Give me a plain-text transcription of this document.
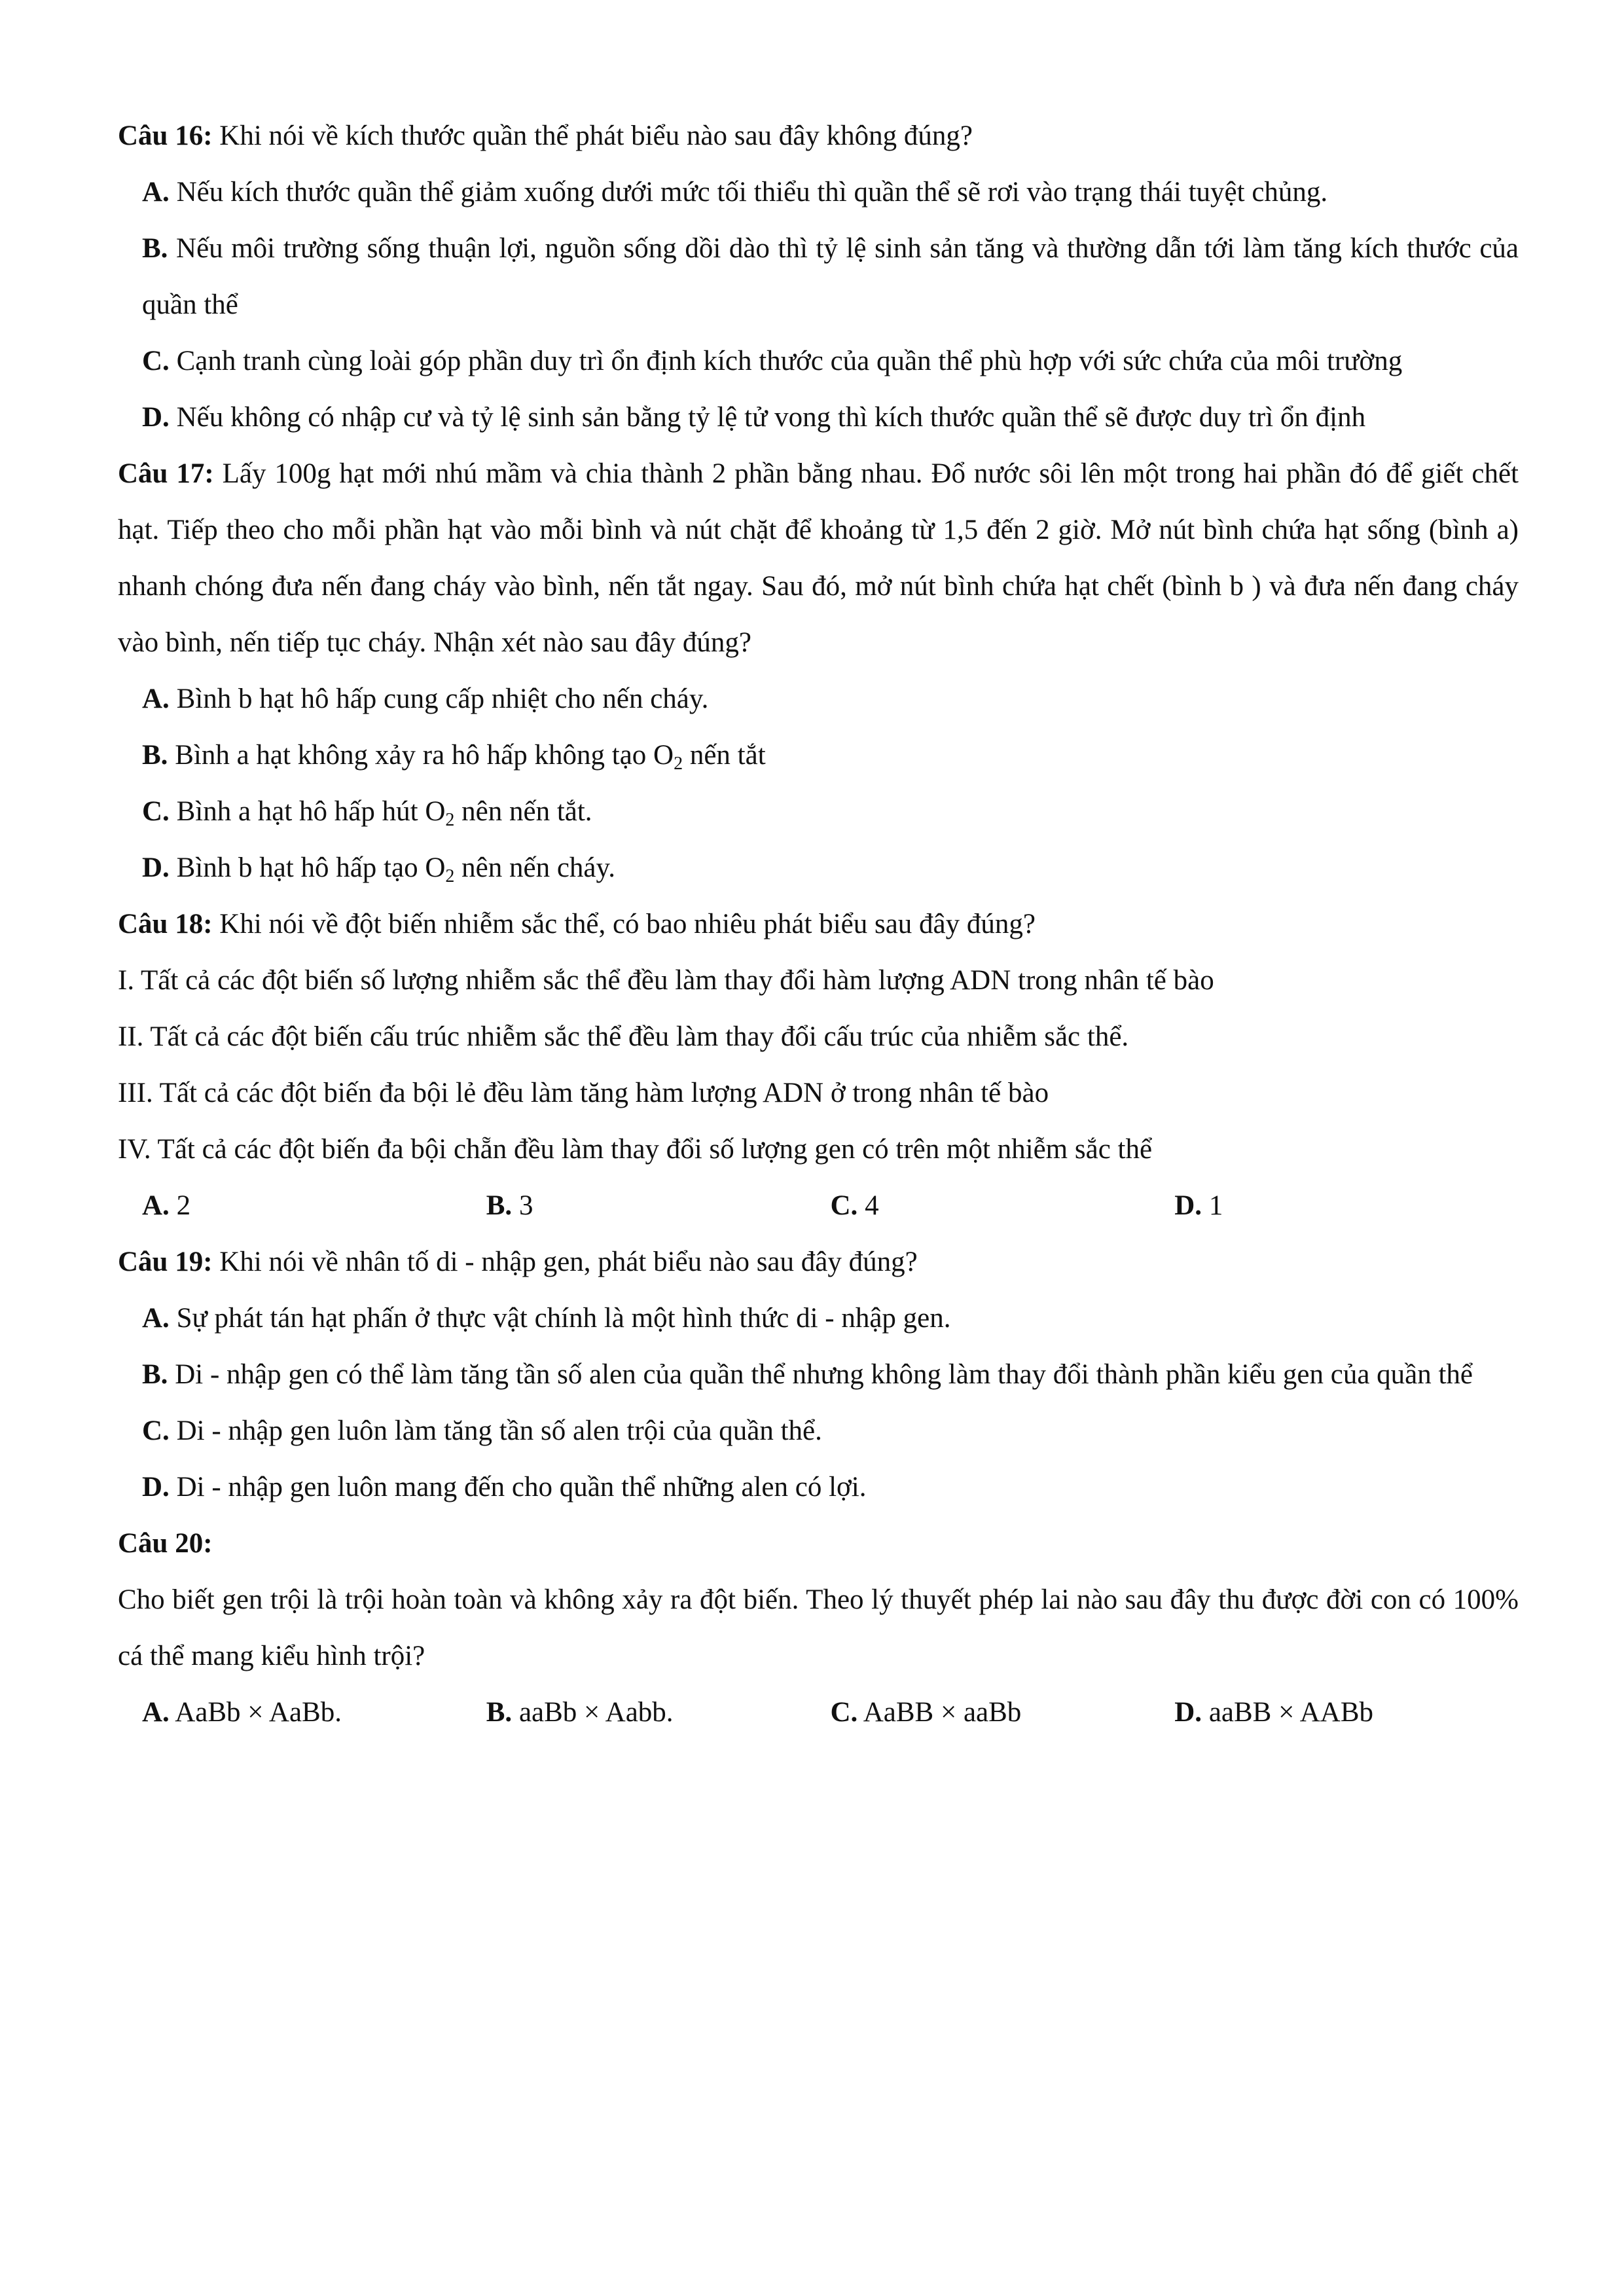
Câu 16: Khi nói về kích thước quần thể phát biểu nào sau đây không đúng?

A. Nếu kích thước quần thể giảm xuống dưới mức tối thiểu thì quần thể sẽ rơi vào trạng thái tuyệt chủng.

B. Nếu môi trường sống thuận lợi, nguồn sống dồi dào thì tỷ lệ sinh sản tăng và thường dẫn tới làm tăng kích thước của quần thể

C. Cạnh tranh cùng loài góp phần duy trì ổn định kích thước của quần thể phù hợp với sức chứa của môi trường

D. Nếu không có nhập cư và tỷ lệ sinh sản bằng tỷ lệ tử vong thì kích thước quần thể sẽ được duy trì ổn định

Câu 17: Lấy 100g hạt mới nhú mầm và chia thành 2 phần bằng nhau. Đổ nước sôi lên một trong hai phần đó để giết chết hạt. Tiếp theo cho mỗi phần hạt vào mỗi bình và nút chặt để khoảng từ 1,5 đến 2 giờ. Mở nút bình chứa hạt sống (bình a) nhanh chóng đưa nến đang cháy vào bình, nến tắt ngay. Sau đó, mở nút bình chứa hạt chết (bình b ) và đưa nến đang cháy vào bình, nến tiếp tục cháy. Nhận xét nào sau đây đúng?

A. Bình b hạt hô hấp cung cấp nhiệt cho nến cháy.

B. Bình a hạt không xảy ra hô hấp không tạo $O_2$ nến tắt

C. Bình a hạt hô hấp hút $O_2$ nên nến tắt.

D. Bình b hạt hô hấp tạo $O_2$ nên nến cháy.

Câu 18: Khi nói về đột biến nhiễm sắc thể, có bao nhiêu phát biểu sau đây đúng?

I. Tất cả các đột biến số lượng nhiễm sắc thể đều làm thay đổi hàm lượng ADN trong nhân tế bào

II. Tất cả các đột biến cấu trúc nhiễm sắc thể đều làm thay đổi cấu trúc của nhiễm sắc thể.

III. Tất cả các đột biến đa bội lẻ đều làm tăng hàm lượng ADN ở trong nhân tế bào

IV. Tất cả các đột biến đa bội chẵn đều làm thay đổi số lượng gen có trên một nhiễm sắc thể

A. 2	B. 3	C. 4	D. 1

Câu 19: Khi nói về nhân tố di - nhập gen, phát biểu nào sau đây đúng?

A. Sự phát tán hạt phấn ở thực vật chính là một hình thức di - nhập gen.

B. Di - nhập gen có thể làm tăng tần số alen của quần thể nhưng không làm thay đổi thành phần kiểu gen của quần thể

C. Di - nhập gen luôn làm tăng tần số alen trội của quần thể.

D. Di - nhập gen luôn mang đến cho quần thể những alen có lợi.

Câu 20:

Cho biết gen trội là trội hoàn toàn và không xảy ra đột biến. Theo lý thuyết phép lai nào sau đây thu được đời con có 100% cá thể mang kiểu hình trội?

A. AaBb × AaBb.	B. aaBb × Aabb.	C. AaBB × aaBb	D. aaBB × AABb
